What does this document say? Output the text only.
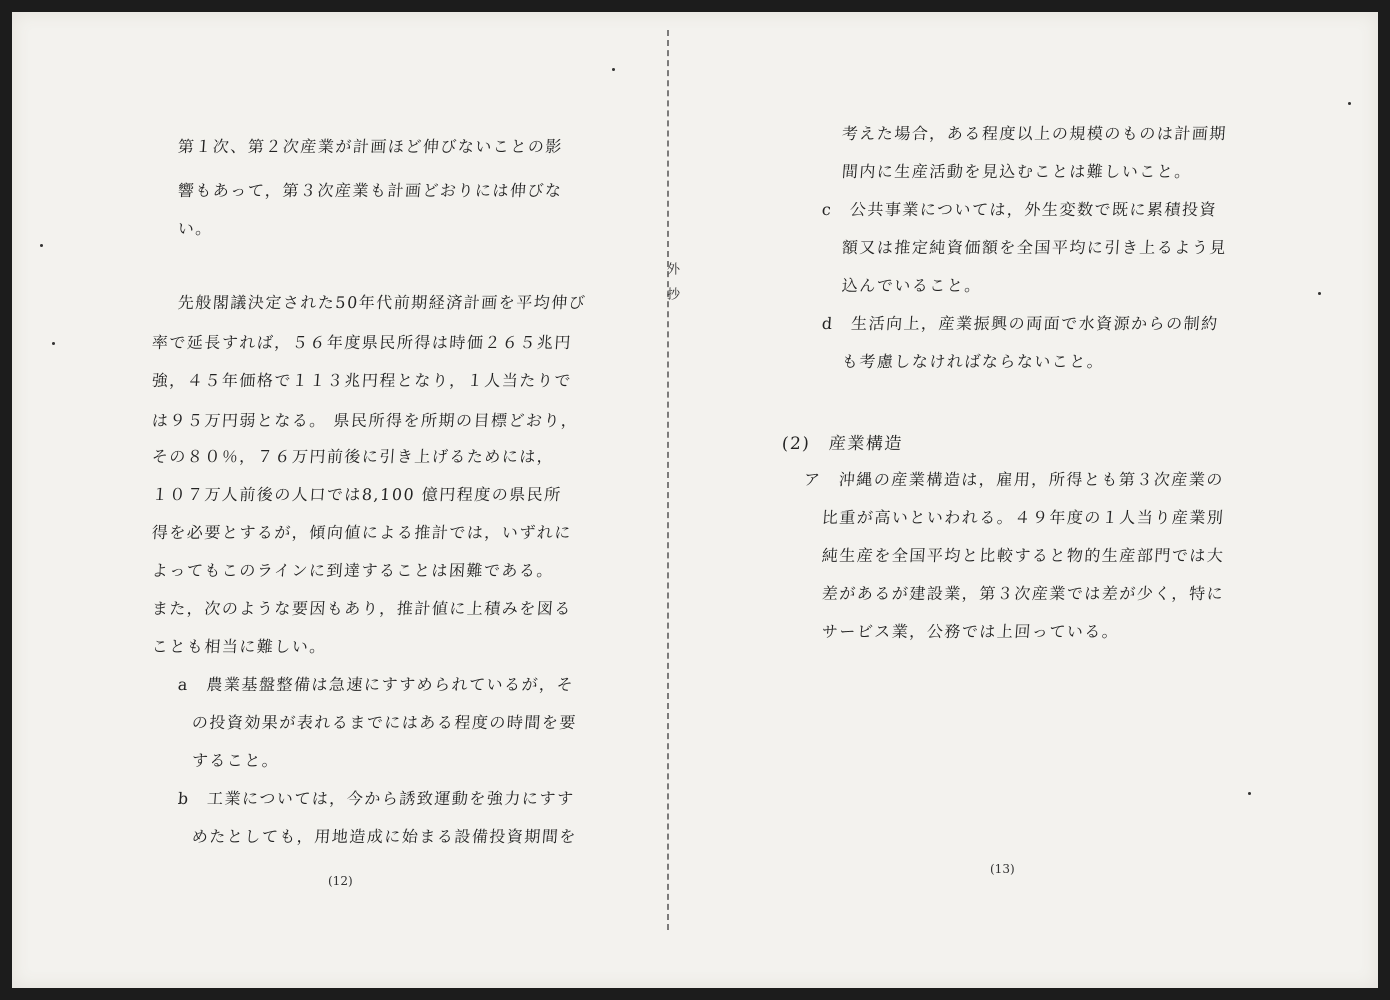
外 抄
第１次、第２次産業が計画ほど伸びないことの影
響もあって，第３次産業も計画どおりには伸びな
い。
先般閣議決定された50年代前期経済計画を平均伸び
率で延長すれば，５６年度県民所得は時価２６５兆円
強，４５年価格で１１３兆円程となり，１人当たりで
は９５万円弱となる。 県民所得を所期の目標どおり，
その８０％，７６万円前後に引き上げるためには，
１０７万人前後の人口では8,100 億円程度の県民所
得を必要とするが，傾向値による推計では，いずれに
よってもこのラインに到達することは困難である。
また，次のような要因もあり，推計値に上積みを図る
ことも相当に難しい。
a　農業基盤整備は急速にすすめられているが，そ
の投資効果が表れるまでにはある程度の時間を要
すること。
b　工業については，今から誘致運動を強力にすす
めたとしても，用地造成に始まる設備投資期間を
(12)
考えた場合，ある程度以上の規模のものは計画期
間内に生産活動を見込むことは難しいこと。
c　公共事業については，外生変数で既に累積投資
額又は推定純資価額を全国平均に引き上るよう見
込んでいること。
d　生活向上，産業振興の両面で水資源からの制約
も考慮しなければならないこと。
(2)　産業構造
ア　沖縄の産業構造は，雇用，所得とも第３次産業の
比重が高いといわれる。４９年度の１人当り産業別
純生産を全国平均と比較すると物的生産部門では大
差があるが建設業，第３次産業では差が少く，特に
サービス業，公務では上回っている。
(13)
